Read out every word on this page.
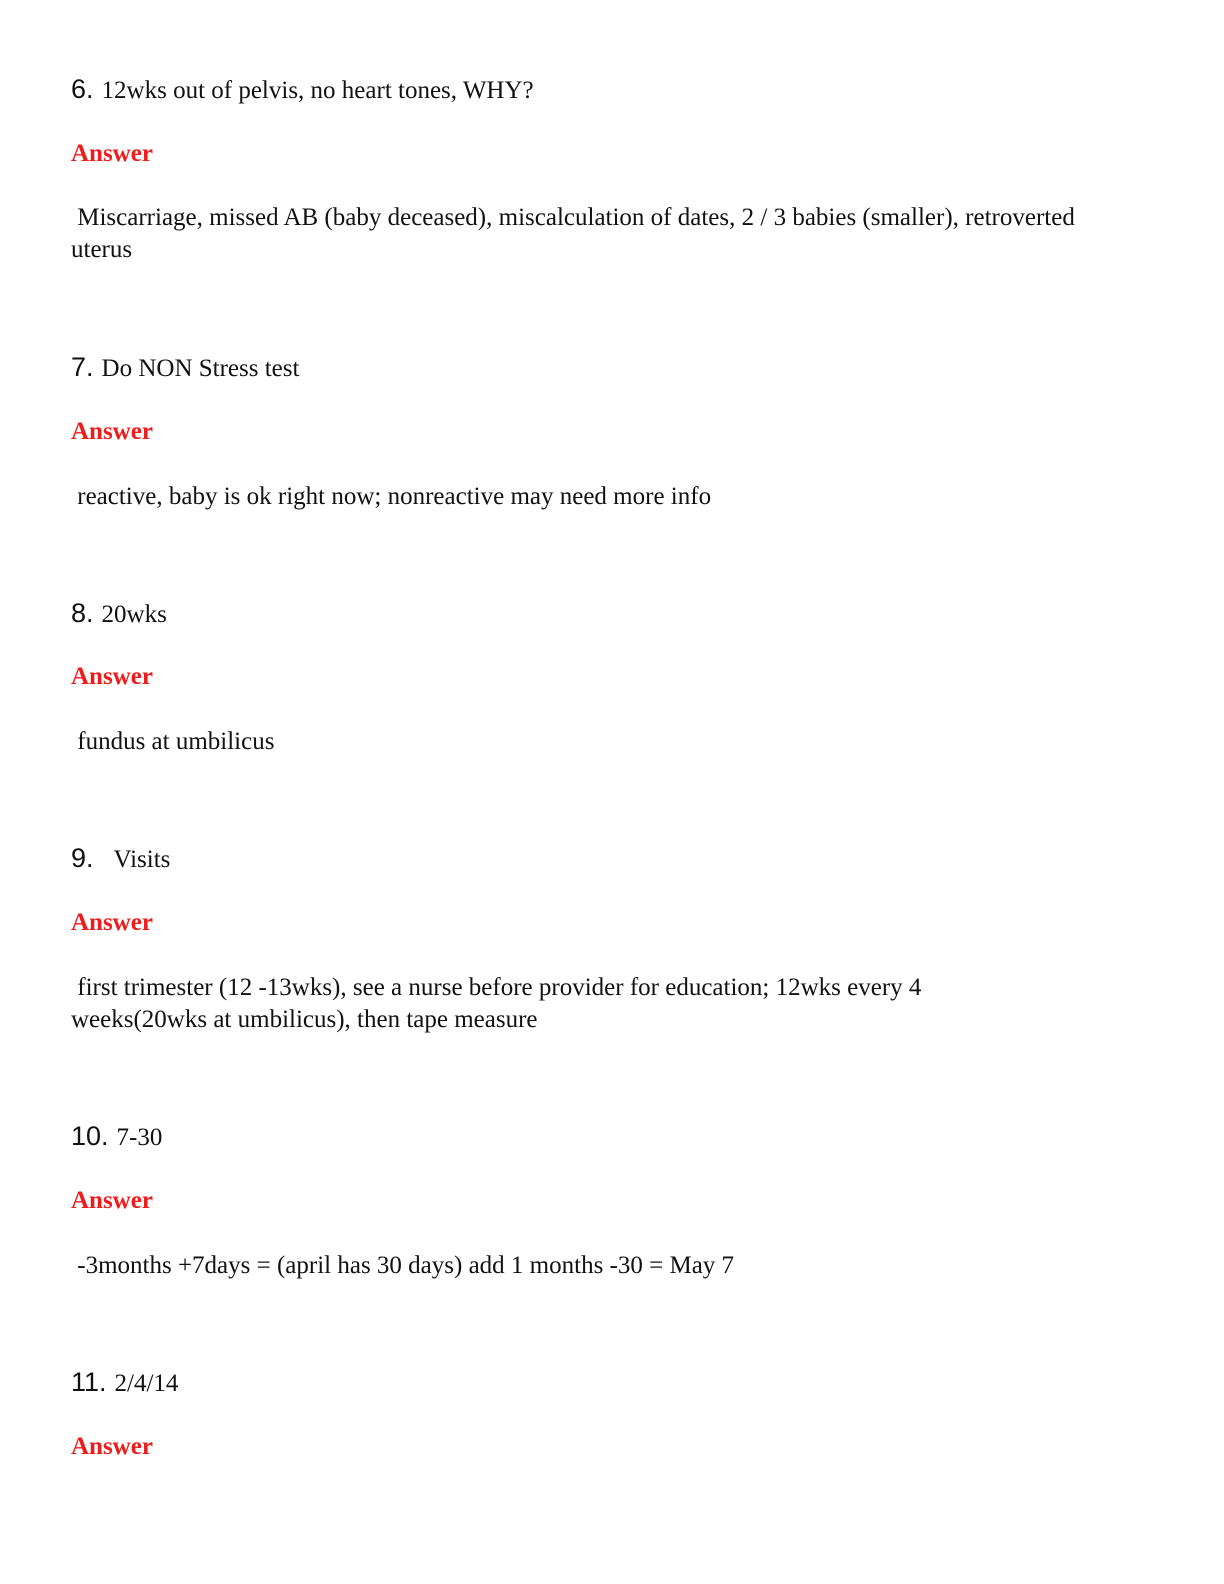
6. 12wks out of pelvis, no heart tones, WHY?
Answer
Miscarriage, missed AB (baby deceased), miscalculation of dates, 2 / 3 babies (smaller), retroverted uterus
7. Do NON Stress test
Answer
reactive, baby is ok right now; nonreactive may need more info
8. 20wks
Answer
fundus at umbilicus
9. Visits
Answer
first trimester (12 -13wks), see a nurse before provider for education; 12wks every 4 weeks(20wks at umbilicus), then tape measure
10. 7-30
Answer
-3months +7days = (april has 30 days) add 1 months -30 = May 7
11. 2/4/14
Answer
